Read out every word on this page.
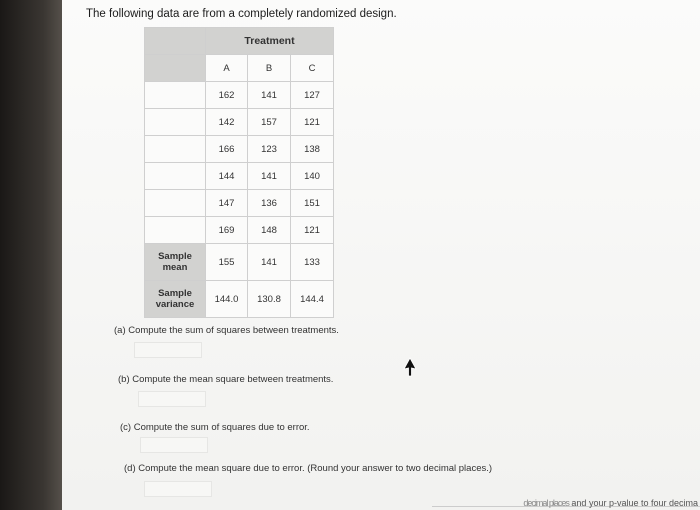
The following data are from a completely randomized design.
	Treatment		
	A	B	C
	162	141	127
	142	157	121
	166	123	138
	144	141	140
	147	136	151
	169	148	121
Sample
mean	155	141	133
Sample
variance	144.0	130.8	144.4
(a) Compute the sum of squares between treatments.
(b) Compute the mean square between treatments.
(c) Compute the sum of squares due to error.
(d) Compute the mean square due to error. (Round your answer to two decimal places.)
decimal places and your p-value to four decima
